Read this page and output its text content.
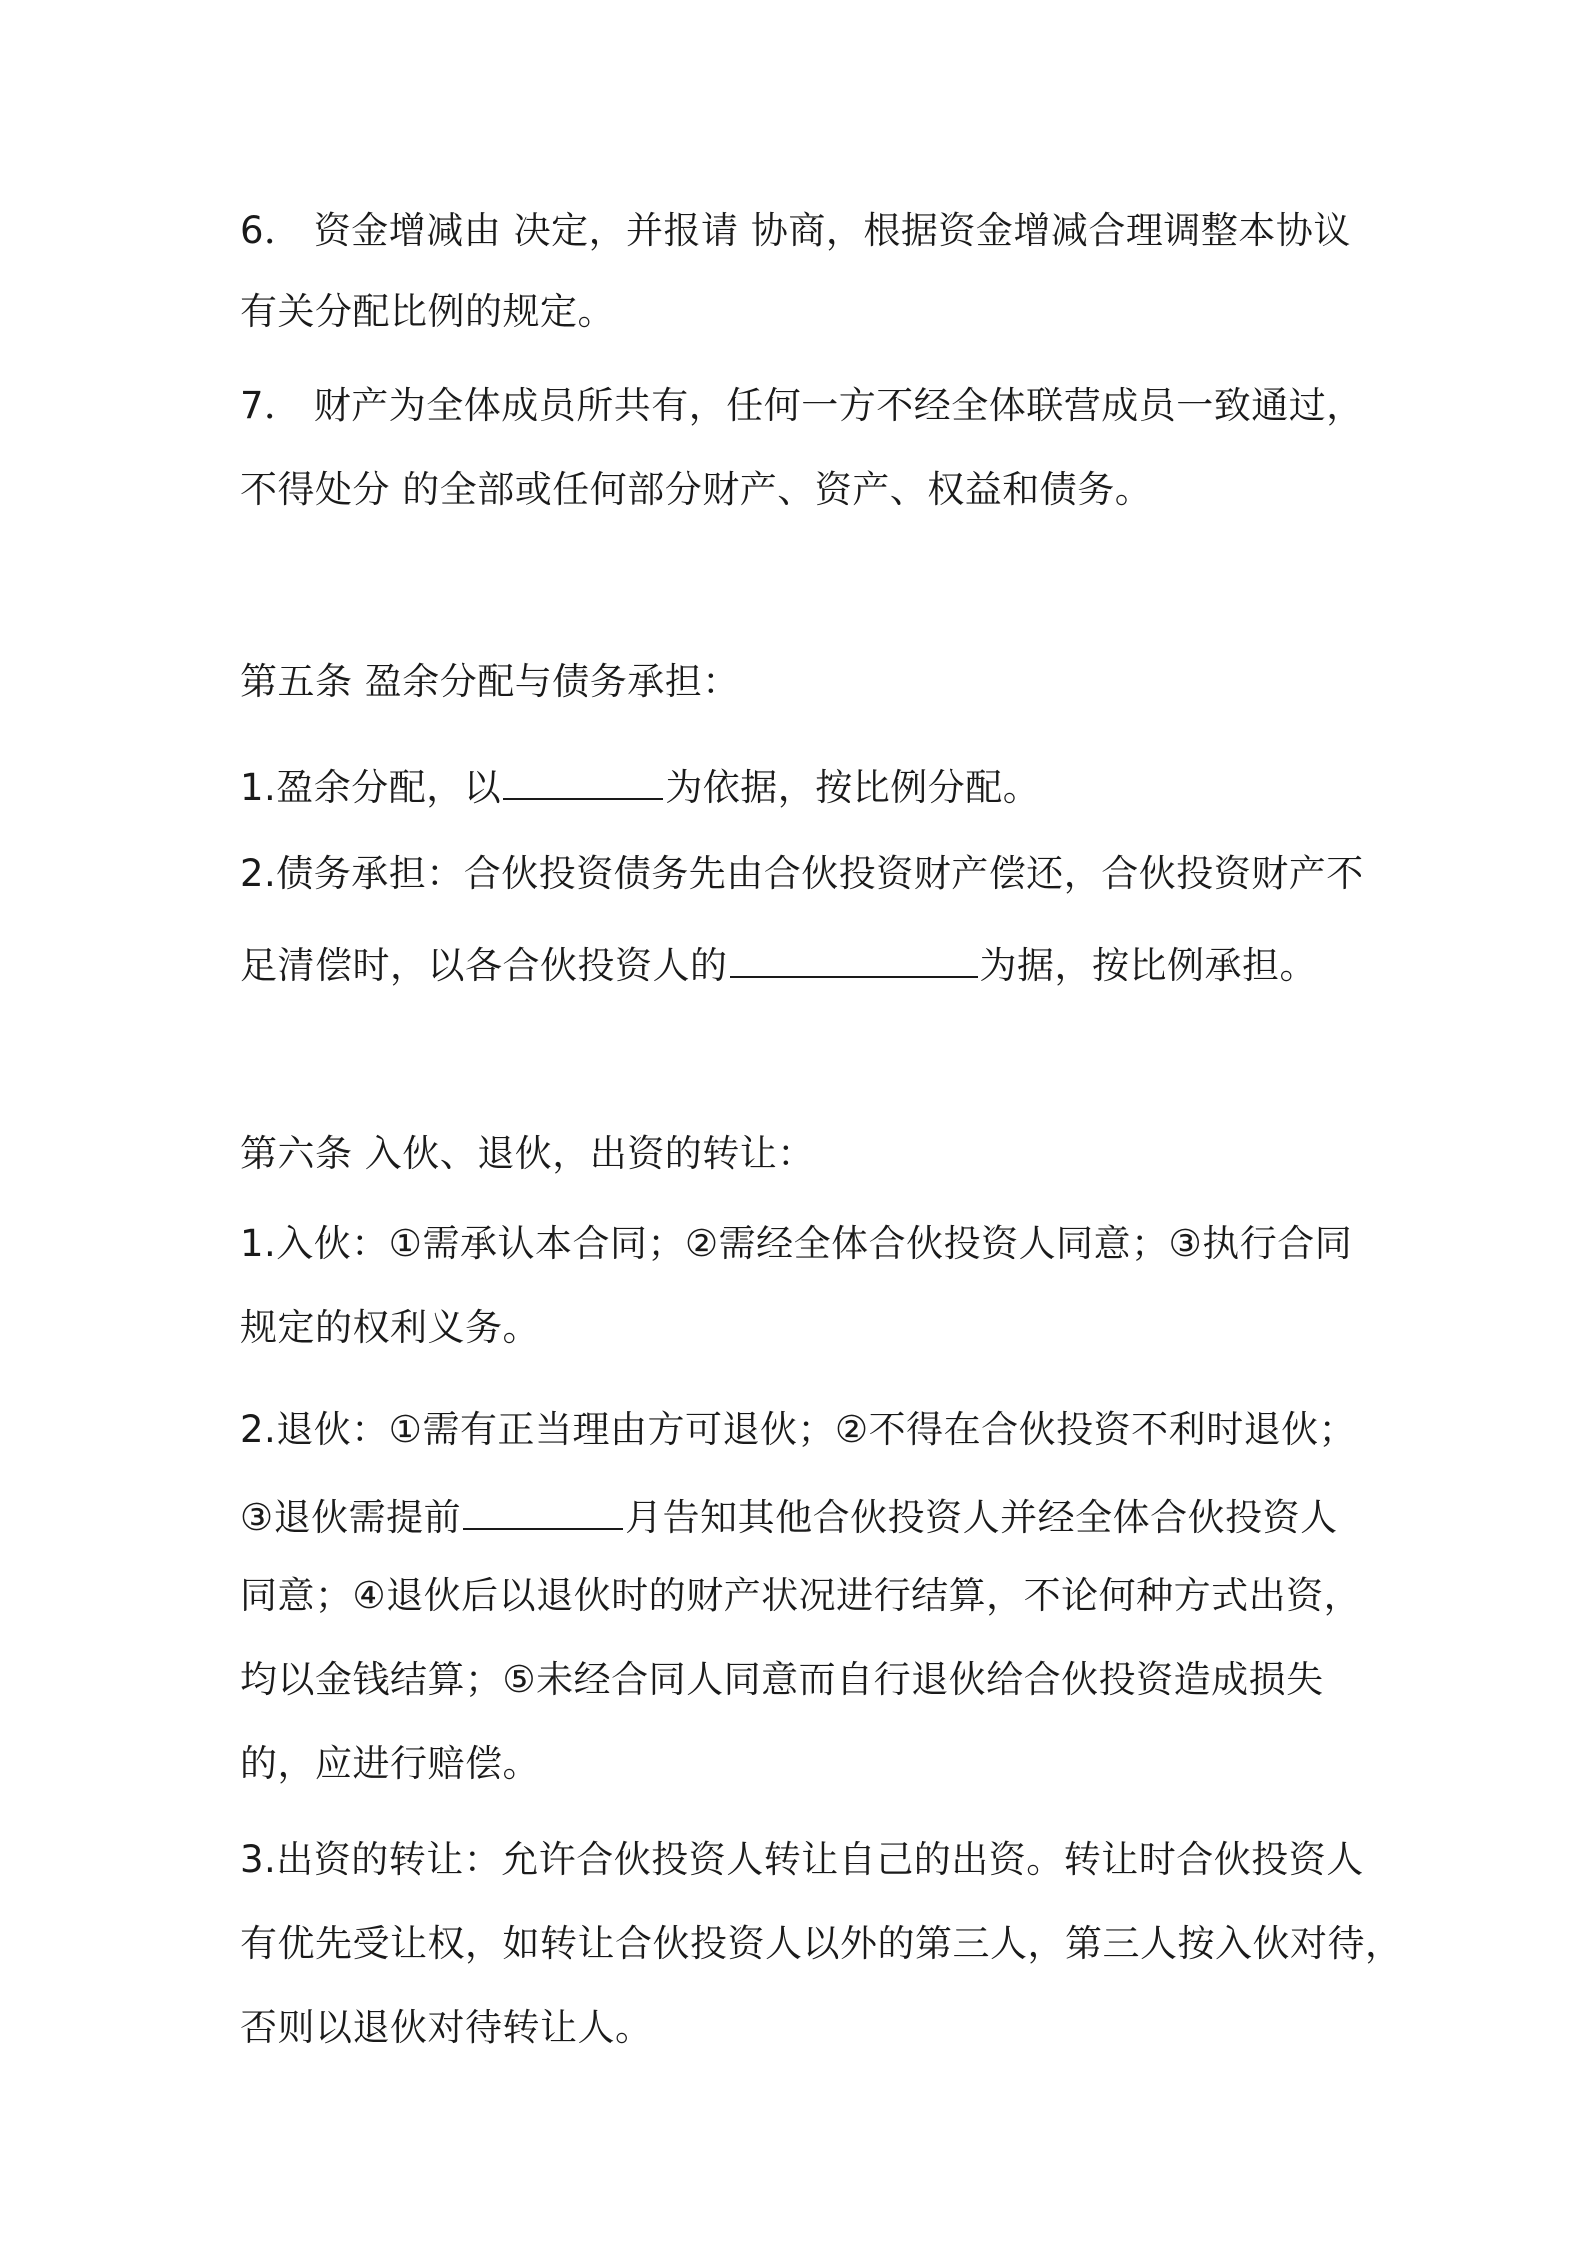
6． 资金增减由 决定，并报请 协商，根据资金增减合理调整本协议

有关分配比例的规定。

7． 财产为全体成员所共有，任何一方不经全体联营成员一致通过，

不得处分 的全部或任何部分财产、资产、权益和债务。

第五条 盈余分配与债务承担：

1.盈余分配，以	为依据，按比例分配。

2.债务承担：合伙投资债务先由合伙投资财产偿还，合伙投资财产不

足清偿时，以各合伙投资人的	为据，按比例承担。

第六条 入伙、退伙，出资的转让：

1.入伙：①需承认本合同；②需经全体合伙投资人同意；③执行合同

规定的权利义务。

2.退伙：①需有正当理由方可退伙；②不得在合伙投资不利时退伙；

③退伙需提前	月告知其他合伙投资人并经全体合伙投资人

同意；④退伙后以退伙时的财产状况进行结算，不论何种方式出资，

均以金钱结算；⑤未经合同人同意而自行退伙给合伙投资造成损失

的，应进行赔偿。

3.出资的转让：允许合伙投资人转让自己的出资。转让时合伙投资人

有优先受让权，如转让合伙投资人以外的第三人，第三人按入伙对待，

否则以退伙对待转让人。
